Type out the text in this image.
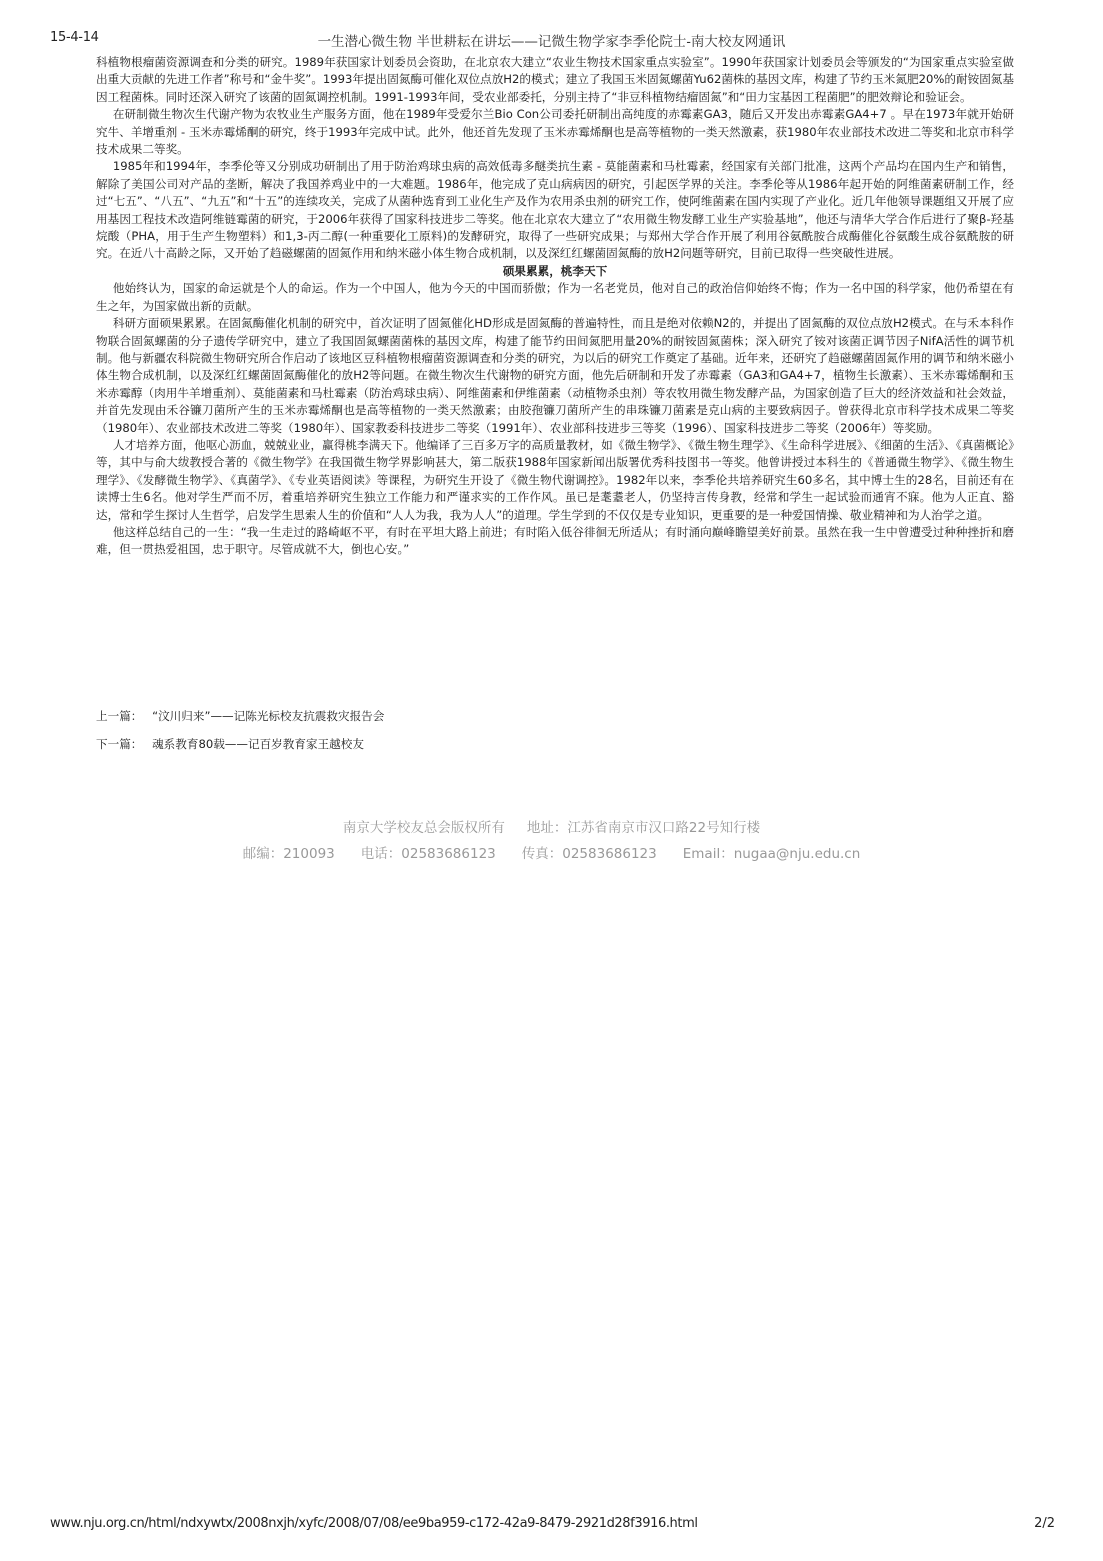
15-4-14	一生潜心微生物 半世耕耘在讲坛——记微生物学家李季伦院士-南大校友网通讯

科植物根瘤菌资源调查和分类的研究。1989年获国家计划委员会资助，在北京农大建立“农业生物技术国家重点实验室”。1990年获国家计划委员会等颁发的“为国家重点实验室做出重大贡献的先进工作者”称号和“金牛奖”。1993年提出固氮酶可催化双位点放H2的模式；建立了我国玉米固氮螺菌Yu62菌株的基因文库，构建了节约玉米氮肥20%的耐铵固氮基因工程菌株。同时还深入研究了该菌的固氮调控机制。1991-1993年间，受农业部委托，分别主持了“非豆科植物结瘤固氮”和“田力宝基因工程菌肥”的肥效辩论和验证会。

在研制微生物次生代谢产物为农牧业生产服务方面，他在1989年受爱尔兰Bio Con公司委托研制出高纯度的赤霉素GA3，随后又开发出赤霉素GA4+7 。早在1973年就开始研究牛、羊增重剂 - 玉米赤霉烯酮的研究，终于1993年完成中试。此外，他还首先发现了玉米赤霉烯酮也是高等植物的一类天然激素，获1980年农业部技术改进二等奖和北京市科学技术成果二等奖。

1985年和1994年，李季伦等又分别成功研制出了用于防治鸡球虫病的高效低毒多醚类抗生素 - 莫能菌素和马杜霉素，经国家有关部门批准，这两个产品均在国内生产和销售，解除了美国公司对产品的垄断，解决了我国养鸡业中的一大难题。1986年，他完成了克山病病因的研究，引起医学界的关注。李季伦等从1986年起开始的阿维菌素研制工作，经过“七五”、“八五”、“九五”和“十五”的连续攻关，完成了从菌种选育到工业化生产及作为农用杀虫剂的研究工作，使阿维菌素在国内实现了产业化。近几年他领导课题组又开展了应用基因工程技术改造阿维链霉菌的研究，于2006年获得了国家科技进步二等奖。他在北京农大建立了“农用微生物发酵工业生产实验基地”，他还与清华大学合作后进行了聚β-羟基烷酸（PHA，用于生产生物塑料）和1,3-丙二醇(一种重要化工原料)的发酵研究，取得了一些研究成果；与郑州大学合作开展了利用谷氨酰胺合成酶催化谷氨酸生成谷氨酰胺的研究。在近八十高龄之际，又开始了趋磁螺菌的固氮作用和纳米磁小体生物合成机制，以及深红红螺菌固氮酶的放H2问题等研究，目前已取得一些突破性进展。

硕果累累，桃李天下

他始终认为，国家的命运就是个人的命运。作为一个中国人，他为今天的中国而骄傲；作为一名老党员，他对自己的政治信仰始终不悔；作为一名中国的科学家，他仍希望在有生之年，为国家做出新的贡献。

科研方面硕果累累。在固氮酶催化机制的研究中，首次证明了固氮催化HD形成是固氮酶的普遍特性，而且是绝对依赖N2的，并提出了固氮酶的双位点放H2模式。在与禾本科作物联合固氮螺菌的分子遗传学研究中，建立了我国固氮螺菌菌株的基因文库，构建了能节约田间氮肥用量20%的耐铵固氮菌株；深入研究了铵对该菌正调节因子NifA活性的调节机制。他与新疆农科院微生物研究所合作启动了该地区豆科植物根瘤菌资源调查和分类的研究，为以后的研究工作奠定了基础。近年来，还研究了趋磁螺菌固氮作用的调节和纳米磁小体生物合成机制，以及深红红螺菌固氮酶催化的放H2等问题。在微生物次生代谢物的研究方面，他先后研制和开发了赤霉素（GA3和GA4+7，植物生长激素）、玉米赤霉烯酮和玉米赤霉醇（肉用牛羊增重剂）、莫能菌素和马杜霉素（防治鸡球虫病）、阿维菌素和伊维菌素（动植物杀虫剂）等农牧用微生物发酵产品，为国家创造了巨大的经济效益和社会效益，并首先发现由禾谷镰刀菌所产生的玉米赤霉烯酮也是高等植物的一类天然激素；由胶孢镰刀菌所产生的串珠镰刀菌素是克山病的主要致病因子。曾获得北京市科学技术成果二等奖（1980年）、农业部技术改进二等奖（1980年）、国家教委科技进步二等奖（1991年）、农业部科技进步三等奖（1996）、国家科技进步二等奖（2006年）等奖励。

人才培养方面，他呕心沥血，兢兢业业，赢得桃李满天下。他编译了三百多万字的高质量教材，如《微生物学》、《微生物生理学》、《生命科学进展》、《细菌的生活》、《真菌概论》等，其中与俞大绂教授合著的《微生物学》在我国微生物学界影响甚大，第二版获1988年国家新闻出版署优秀科技图书一等奖。他曾讲授过本科生的《普通微生物学》、《微生物生理学》、《发酵微生物学》、《真菌学》、《专业英语阅读》等课程，为研究生开设了《微生物代谢调控》。1982年以来，李季伦共培养研究生60多名，其中博士生的28名，目前还有在读博士生6名。他对学生严而不厉，着重培养研究生独立工作能力和严谨求实的工作作风。虽已是耄耋老人，仍坚持言传身教，经常和学生一起试验而通宵不寐。他为人正直、豁达，常和学生探讨人生哲学，启发学生思索人生的价值和“人人为我，我为人人”的道理。学生学到的不仅仅是专业知识，更重要的是一种爱国情操、敬业精神和为人治学之道。

他这样总结自己的一生：“我一生走过的路崎岖不平，有时在平坦大路上前进；有时陷入低谷徘徊无所适从；有时涌向巅峰瞻望美好前景。虽然在我一生中曾遭受过种种挫折和磨难，但一贯热爱祖国，忠于职守。尽管成就不大，倒也心安。”

上一篇： “汶川归来”——记陈光标校友抗震救灾报告会
下一篇： 魂系教育80载——记百岁教育家王越校友
南京大学校友总会版权所有 地址：江苏省南京市汉口路22号知行楼
邮编：210093 电话：02583686123 传真：02583686123 Email：nugaa@nju.edu.cn
www.nju.org.cn/html/ndxywtx/2008nxjh/xyfc/2008/07/08/ee9ba959-c172-42a9-8479-2921d28f3916.html	2/2
